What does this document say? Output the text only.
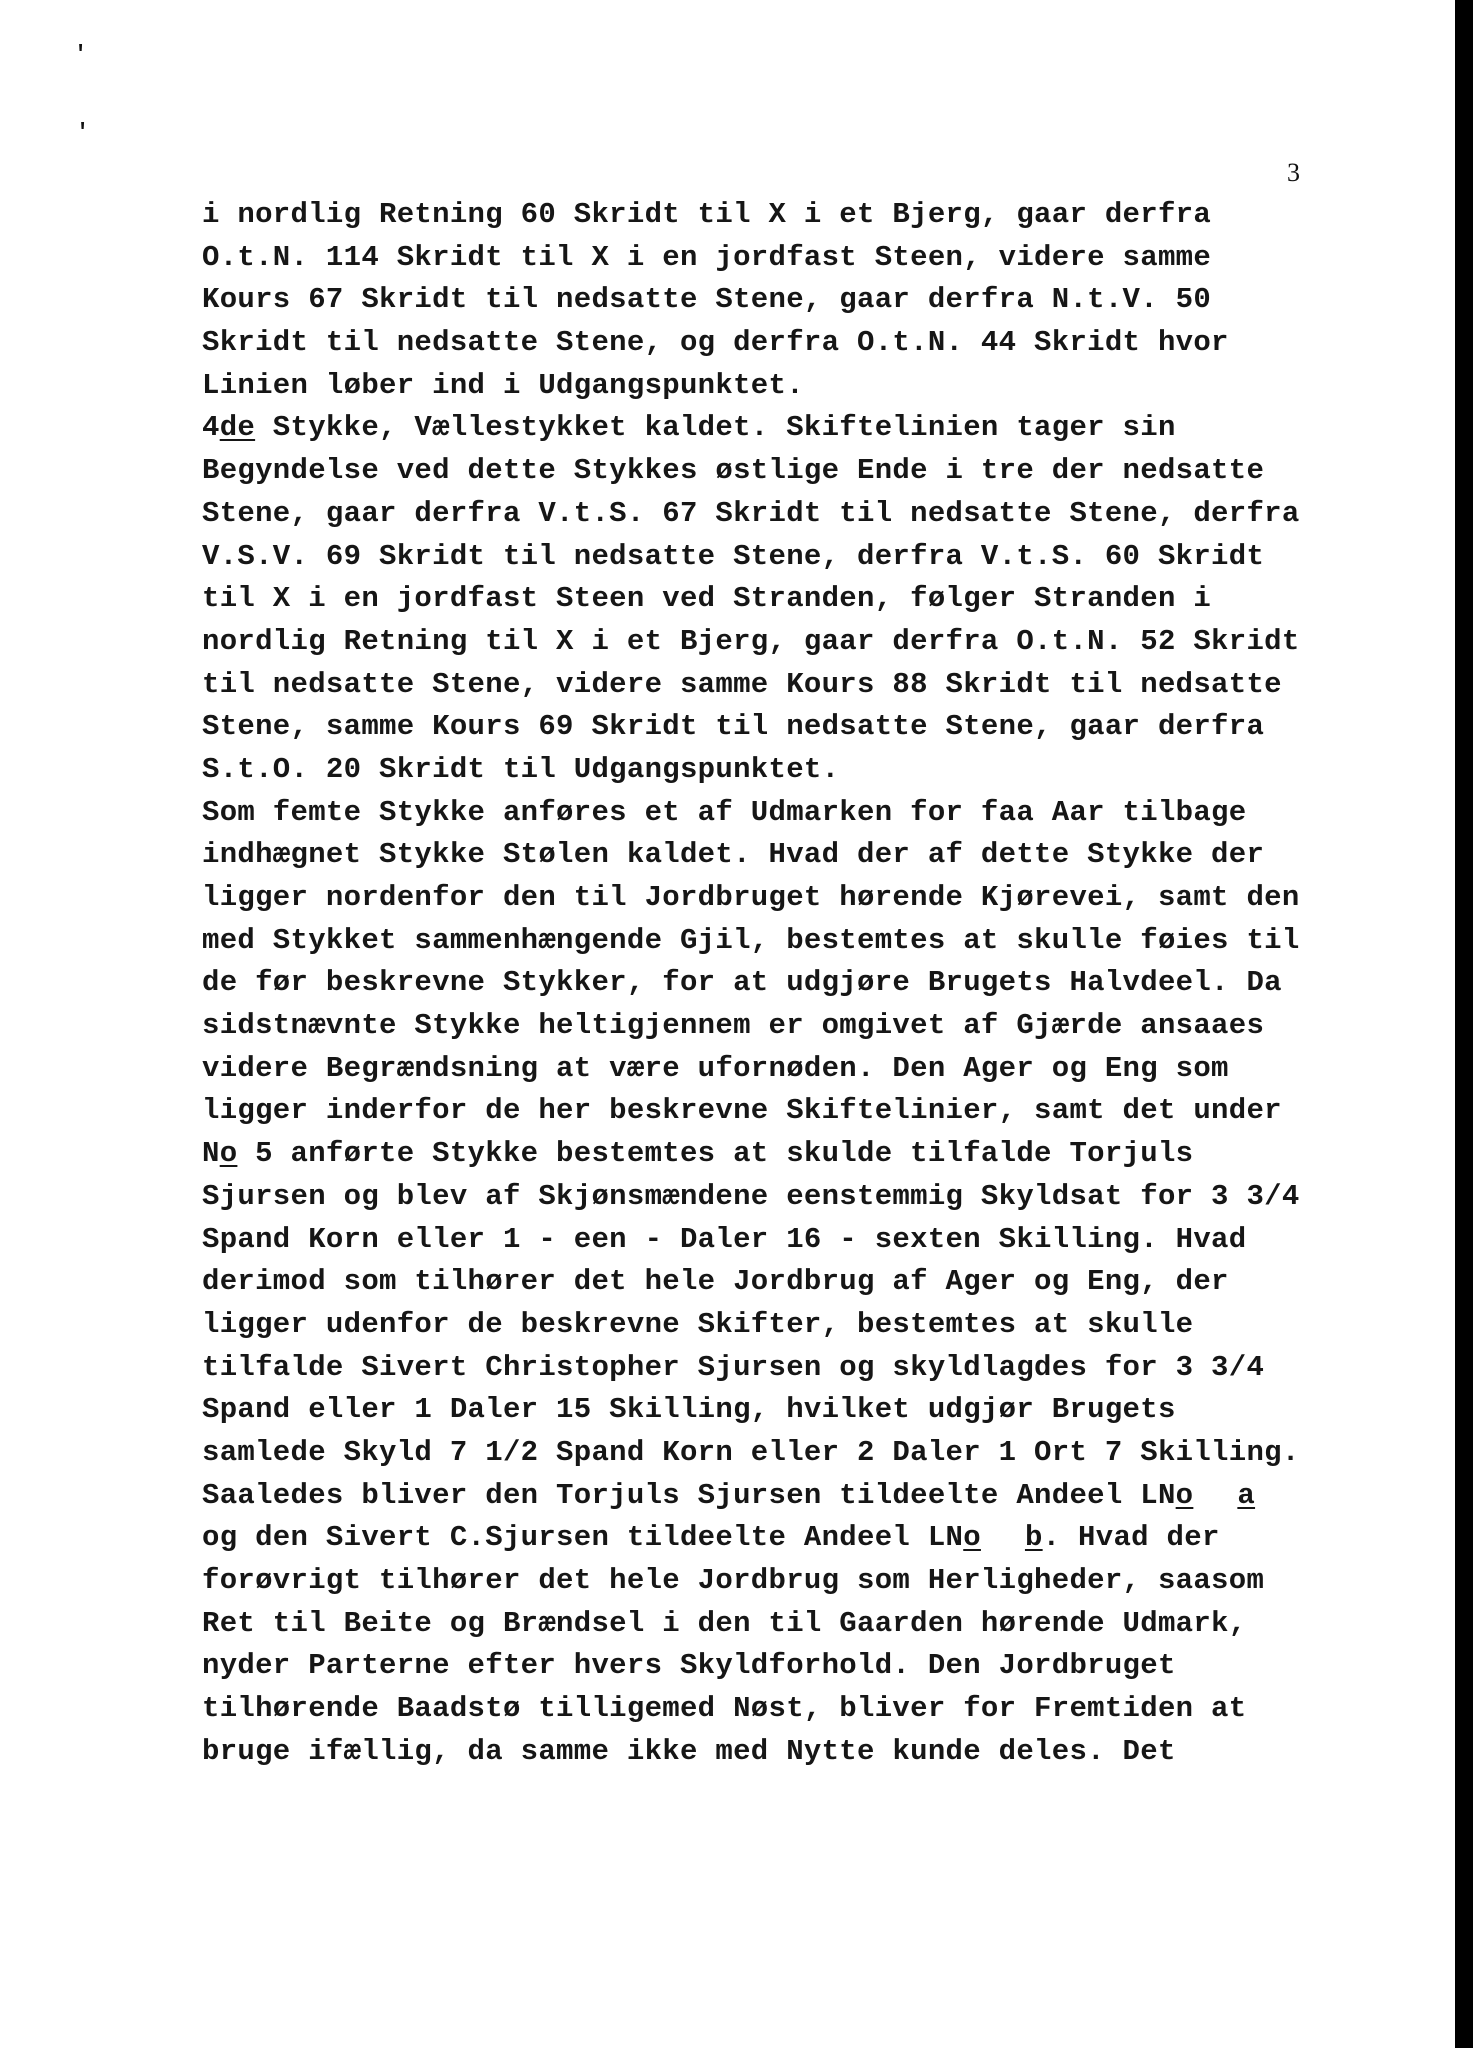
'
'
3
i nordlig Retning 60 Skridt til X i et Bjerg, gaar derfra
O.t.N. 114 Skridt til X i en jordfast Steen, videre samme
Kours 67 Skridt til nedsatte Stene, gaar derfra N.t.V. 50
Skridt til nedsatte Stene, og derfra O.t.N. 44 Skridt hvor
Linien løber ind i Udgangspunktet.
4de Stykke, Vællestykket kaldet. Skiftelinien tager sin
Begyndelse ved dette Stykkes østlige Ende i tre der nedsatte
Stene, gaar derfra V.t.S. 67 Skridt til nedsatte Stene, derfra
V.S.V. 69 Skridt til nedsatte Stene, derfra V.t.S. 60 Skridt
til X i en jordfast Steen ved Stranden, følger Stranden i
nordlig Retning til X i et Bjerg, gaar derfra O.t.N. 52 Skridt
til nedsatte Stene, videre samme Kours 88 Skridt til nedsatte
Stene, samme Kours 69 Skridt til nedsatte Stene, gaar derfra
S.t.O. 20 Skridt til Udgangspunktet.
Som femte Stykke anføres et af Udmarken for faa Aar tilbage
indhægnet Stykke Stølen kaldet. Hvad der af dette Stykke der
ligger nordenfor den til Jordbruget hørende Kjørevei, samt den
med Stykket sammenhængende Gjil, bestemtes at skulle føies til
de før beskrevne Stykker, for at udgjøre Brugets Halvdeel. Da
sidstnævnte Stykke heltigjennem er omgivet af Gjærde ansaaes
videre Begrændsning at være ufornøden. Den Ager og Eng som
ligger inderfor de her beskrevne Skiftelinier, samt det under
No 5 anførte Stykke bestemtes at skulde tilfalde Torjuls
Sjursen og blev af Skjønsmændene eenstemmig Skyldsat for 3 3/4
Spand Korn eller 1 - een - Daler 16 - sexten Skilling. Hvad
derimod som tilhører det hele Jordbrug af Ager og Eng, der
ligger udenfor de beskrevne Skifter, bestemtes at skulle
tilfalde Sivert Christopher Sjursen og skyldlagdes for 3 3/4
Spand eller 1 Daler 15 Skilling, hvilket udgjør Brugets
samlede Skyld 7 1/2 Spand Korn eller 2 Daler 1 Ort 7 Skilling.
Saaledes bliver den Torjuls Sjursen tildeelte Andeel LNo a
og den Sivert C.Sjursen tildeelte Andeel LNo b. Hvad der
forøvrigt tilhører det hele Jordbrug som Herligheder, saasom
Ret til Beite og Brændsel i den til Gaarden hørende Udmark,
nyder Parterne efter hvers Skyldforhold. Den Jordbruget
tilhørende Baadstø tilligemed Nøst, bliver for Fremtiden at
bruge ifællig, da samme ikke med Nytte kunde deles. Det
